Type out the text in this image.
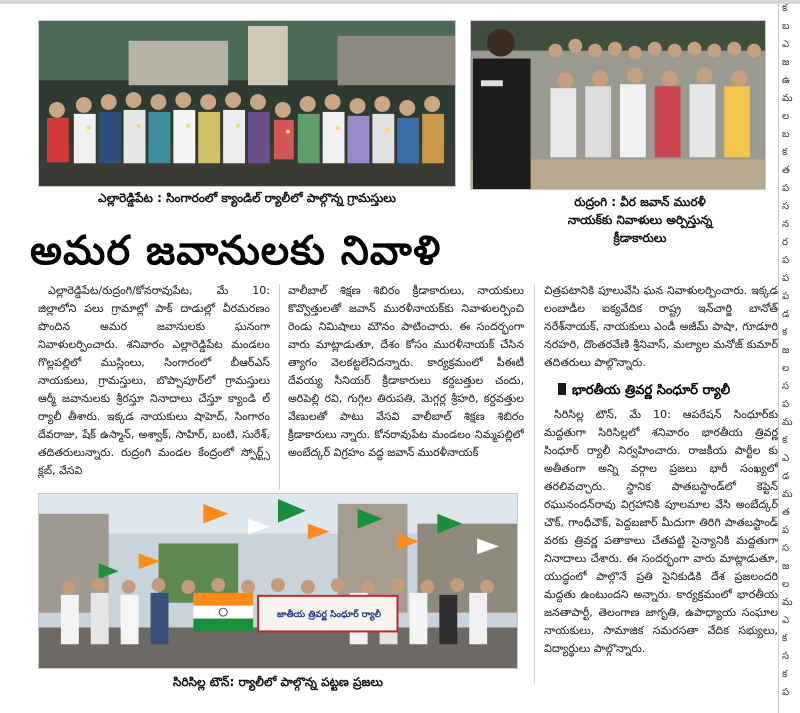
ఎల్లారెడ్డిపేట : సింగారంలో క్యాండిల్ ర్యాలీలో పాల్గొన్న గ్రామస్తులు	రుద్రంగి : వీర జవాన్ మురళీ
నాయక్‌కు నివాళులు అర్పిస్తున్న
క్రీడాకారులు
అమర జవానులకు నివాళి

ఎల్లారెడ్డిపేట/రుద్రంగి/కోనరావుపేట, మే 10: జిల్లాలోని పలు గ్రామాల్లో పాక్ దాడుల్లో వీరమరణం పొందిన అమర జవానులకు ఘనంగా నివాళులర్పించారు. శనివారం ఎల్లారెడ్డిపేట మండలం గొల్లపల్లిలో ముస్లింలు, సింగారంలో బీఆర్‌ఎస్ నాయకులు, గ్రామస్తులు, బొప్పాపూర్‌లో గ్రామస్తులు ఆర్మీ జవానులకు శ్రీరస్తూ నినాదాలు చేస్తూ క్యాండి ల్ ర్యాలీ తీశారు. ఇక్కడ నాయకులు షాహెద్, సింగారం దేవరాజు, షేక్ ఉస్మాన్, అశ్వాక్, సాహిర్, బంటి, సురేశ్, తదితరులున్నారు. రుద్రంగి మండల కేంద్రంలో స్పోర్ట్స్ క్లబ్, వేసవి

వాలీబాల్ శిక్షణ శిబిరం క్రీడాకారులు, నాయకులు కొవ్వొత్తులతో జవాన్ మురళీనాయక్‌కు నివాళులర్పించి రెండు నిమిషాలు మౌనం పాటించారు. ఈ సందర్భంగా వారు మాట్లాడుతూ, దేశం కోసం మురళీనాయక్ చేసిన త్యాగం వెలకట్టలేనిదన్నారు. కార్యక్రమంలో పీఈటీ దేవయ్య సీనియర్ క్రీడాకారులు కర్దబత్తుల చందు, అరిపెల్లి రవి, గుగ్గిల తిరుపతి, మెగ్గర్ల శ్రీహరి, కర్దవత్తుల వేణులతో పాటు వేసవి వాలీబాల్ శిక్షణ శిబిరం క్రీడాకారులు న్నారు. కోనరావుపేట మండలం నిమ్మపల్లిలో అంబేద్కర్ విగ్రహం వద్ద జవాన్ మురళీనాయక్

చిత్రపటానికి పూలువేసి ఘన నివాళులర్పించారు. ఇక్కడ లంబాడీల ఐక్యవేదిక రాష్ట్ర ఇన్‌చార్జి బానోత్ నరేశ్‌నాయక్, నాయకులు ఎండీ అజీమ్ పాషా, గూడూరి నరహరి, దొంతరవేణి శ్రీనివాస్, మల్యాల మనోజ్ కుమార్ తదితరులు పాల్గొన్నారు.

భారతీయ త్రివర్ణ సింధూర్ ర్యాలీ

సిరిసిల్ల టౌన్, మే 10: ఆపరేషన్ సింధూర్‌కు మద్దతుగా సిరిసిల్లలో శనివారం భారతీయ త్రివర్ణ సింధూర్ ర్యాలీ నిర్వహించారు. రాజకీయ పార్టీల కు అతీతంగా అన్ని వర్గాల ప్రజలు భారీ సంఖ్యలో తరలివచ్చారు. స్థానిక పాతబస్టాండ్‌లో కెప్టెన్ రఘునందన్‌రావు విగ్రహానికి పూలమాల వేసి అంబేద్కర్ చౌక్, గాంధీచౌక్, పెద్దబజార్ మీదుగా తిరిగి పాతబస్టాండ్ వరకు త్రివర్ణ పతాకాలు చేతపట్టి సైన్యానికి మద్దతుగా నినాదాలు చేశారు. ఈ సందర్భంగా వారు మాట్లాడుతూ, యుద్ధంలో పాల్గొనే ప్రతి సైనికుడికి దేశ ప్రజలందరి మద్దతు ఉంటుందని అన్నారు. కార్యక్రమంలో భారతీయ జనతాపార్టీ, తెలంగాణ జాగృతి, ఉపాధ్యాయ సంఘాల నాయకులు, సామాజిక సమరసతా వేదిక సభ్యులు, విద్యార్థులు పాల్గొన్నారు.

జాతీయ త్రివర్ణ సింధూర్ ర్యాలీ
సిరిసిల్ల టౌన్: ర్యాలీలో పాల్గొన్న పట్టణ ప్రజలు
క
బ
ఎ
జ
ఉ
మ
ల
బ
క
త
ప
స
న
ర
ప
ప
ప
డ
క
జ
ల
స
ప
మ
క
ఎ
డ
మ
త
ప
స
జ
ల
మ
ఎ
క
స
క
ప
